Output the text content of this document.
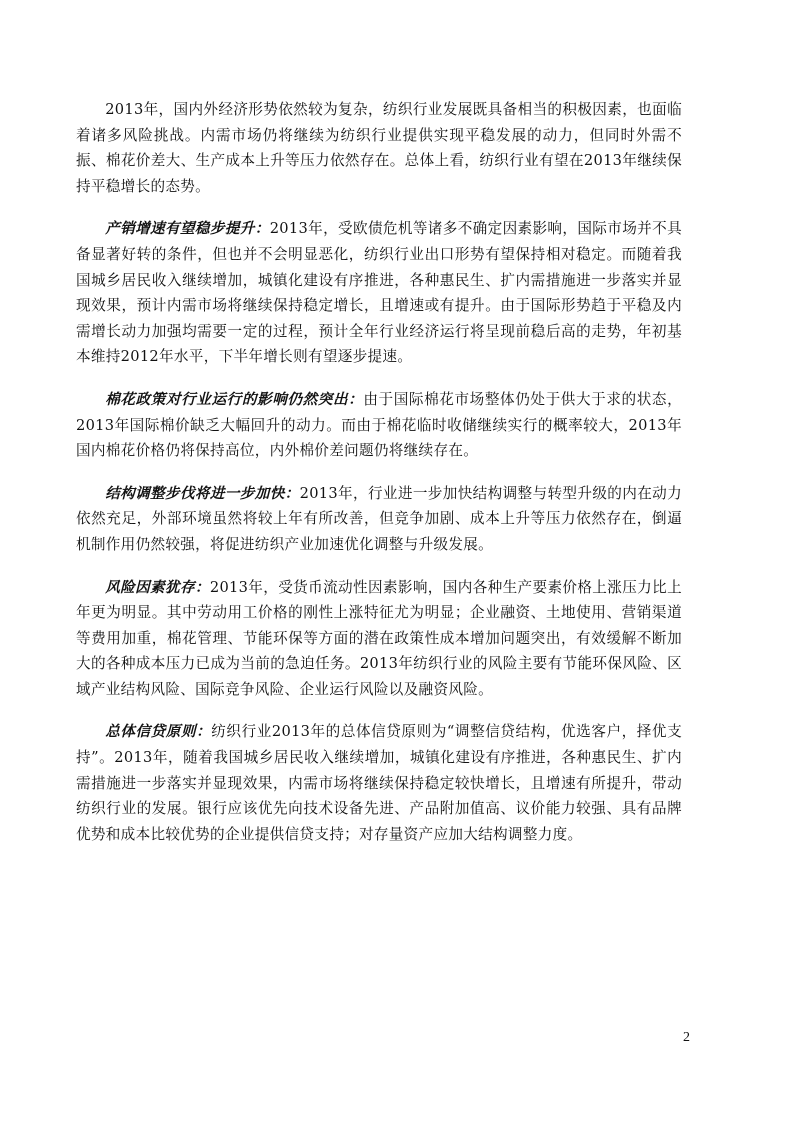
2013年，国内外经济形势依然较为复杂，纺织行业发展既具备相当的积极因素，也面临着诸多风险挑战。内需市场仍将继续为纺织行业提供实现平稳发展的动力，但同时外需不振、棉花价差大、生产成本上升等压力依然存在。总体上看，纺织行业有望在2013年继续保持平稳增长的态势。

产销增速有望稳步提升：2013年，受欧债危机等诸多不确定因素影响，国际市场并不具备显著好转的条件，但也并不会明显恶化，纺织行业出口形势有望保持相对稳定。而随着我国城乡居民收入继续增加，城镇化建设有序推进，各种惠民生、扩内需措施进一步落实并显现效果，预计内需市场将继续保持稳定增长，且增速或有提升。由于国际形势趋于平稳及内需增长动力加强均需要一定的过程，预计全年行业经济运行将呈现前稳后高的走势，年初基本维持2012年水平，下半年增长则有望逐步提速。

棉花政策对行业运行的影响仍然突出：由于国际棉花市场整体仍处于供大于求的状态，2013年国际棉价缺乏大幅回升的动力。而由于棉花临时收储继续实行的概率较大，2013年国内棉花价格仍将保持高位，内外棉价差问题仍将继续存在。

结构调整步伐将进一步加快：2013年，行业进一步加快结构调整与转型升级的内在动力依然充足，外部环境虽然将较上年有所改善，但竞争加剧、成本上升等压力依然存在，倒逼机制作用仍然较强，将促进纺织产业加速优化调整与升级发展。

风险因素犹存：2013年，受货币流动性因素影响，国内各种生产要素价格上涨压力比上年更为明显。其中劳动用工价格的刚性上涨特征尤为明显；企业融资、土地使用、营销渠道等费用加重，棉花管理、节能环保等方面的潜在政策性成本增加问题突出，有效缓解不断加大的各种成本压力已成为当前的急迫任务。2013年纺织行业的风险主要有节能环保风险、区域产业结构风险、国际竞争风险、企业运行风险以及融资风险。

总体信贷原则：纺织行业2013年的总体信贷原则为“调整信贷结构，优选客户，择优支持”。2013年，随着我国城乡居民收入继续增加，城镇化建设有序推进，各种惠民生、扩内需措施进一步落实并显现效果，内需市场将继续保持稳定较快增长，且增速有所提升，带动纺织行业的发展。银行应该优先向技术设备先进、产品附加值高、议价能力较强、具有品牌优势和成本比较优势的企业提供信贷支持；对存量资产应加大结构调整力度。

2
